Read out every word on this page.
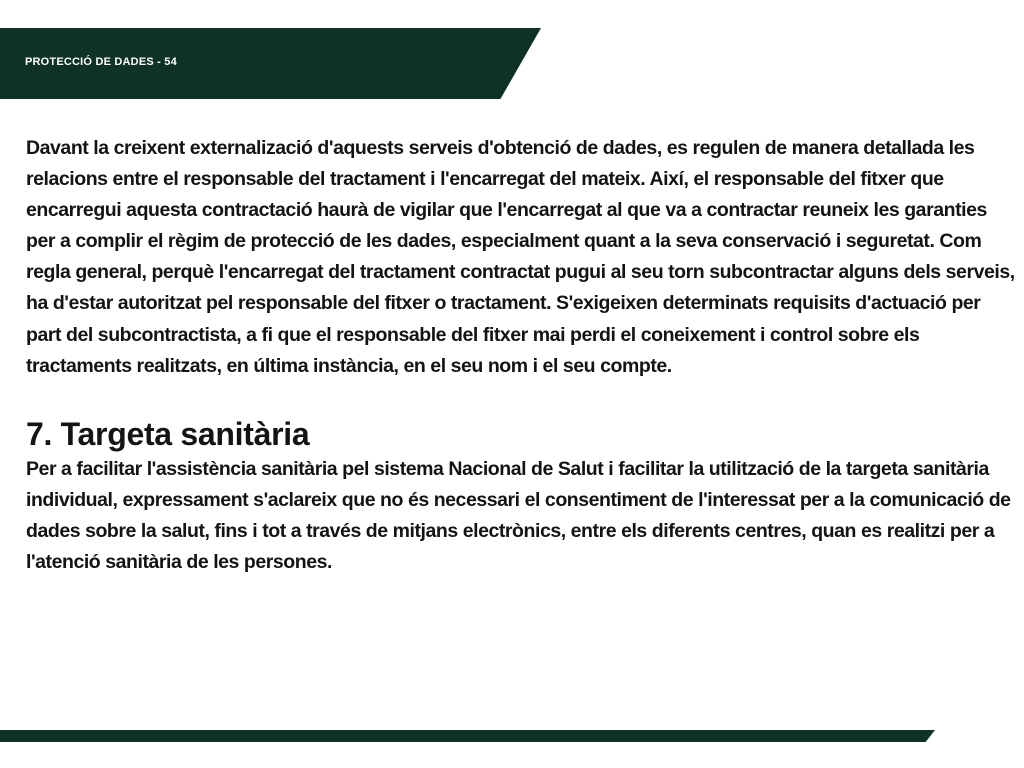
PROTECCIÓ DE DADES - 54

Davant la creixent externalizació d'aquests serveis d'obtenció de dades, es regulen de manera detallada les relacions entre el responsable del tractament i l'encarregat del mateix. Així, el responsable del fitxer que encarregui aquesta contractació haurà de vigilar que l'encarregat al que va a contractar reuneix les garanties per a complir el règim de protecció de les dades, especialment quant a la seva conservació i seguretat. Com regla general, perquè l'encarregat del tractament contractat pugui al seu torn subcontractar alguns dels serveis, ha d'estar autoritzat pel responsable del fitxer o tractament. S'exigeixen determinats requisits d'actuació per part del subcontractista, a fi que el responsable del fitxer mai perdi el coneixement i control sobre els tractaments realitzats, en última instància, en el seu nom i el seu compte.

7. Targeta sanitària

Per a facilitar l'assistència sanitària pel sistema Nacional de Salut i facilitar la utilització de la targeta sanitària individual, expressament s'aclareix que no és necessari el consentiment de l'interessat per a la comunicació de dades sobre la salut, fins i tot a través de mitjans electrònics, entre els diferents centres, quan es realitzi per a l'atenció sanitària de les persones.
